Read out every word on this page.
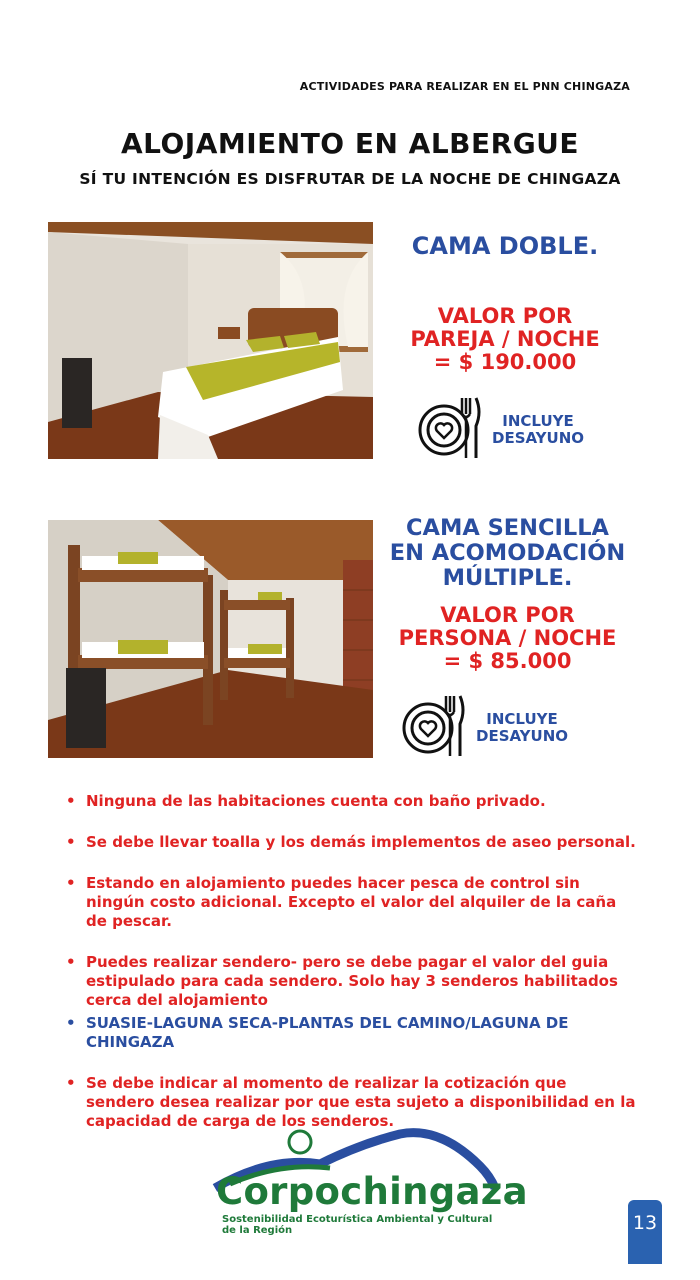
ACTIVIDADES PARA REALIZAR EN EL PNN CHINGAZA
ALOJAMIENTO EN ALBERGUE
SÍ TU INTENCIÓN ES DISFRUTAR DE LA NOCHE DE CHINGAZA
CAMA DOBLE.
VALOR POR
PAREJA / NOCHE
= $ 190.000
INCLUYE
DESAYUNO
CAMA SENCILLA
EN ACOMODACIÓN
MÚLTIPLE.
VALOR POR
PERSONA / NOCHE
= $ 85.000
INCLUYE
DESAYUNO
• Ninguna de las habitaciones cuenta con baño privado.
• Se debe llevar toalla y los demás implementos de aseo personal.
• Estando en alojamiento puedes hacer pesca de control sin ningún costo adicional. Excepto el valor del alquiler de la caña de pescar.
• Puedes realizar sendero- pero se debe pagar el valor del guia estipulado para cada sendero. Solo hay 3 senderos habilitados cerca del alojamiento
• SUASIE-LAGUNA SECA-PLANTAS DEL CAMINO/LAGUNA DE CHINGAZA
• Se debe indicar al momento de realizar la cotización que sendero desea realizar por que esta sujeto a disponibilidad en la capacidad de carga de los senderos.
Corpochingaza
Sostenibilidad Ecoturística Ambiental y Cultural de la Región	13
